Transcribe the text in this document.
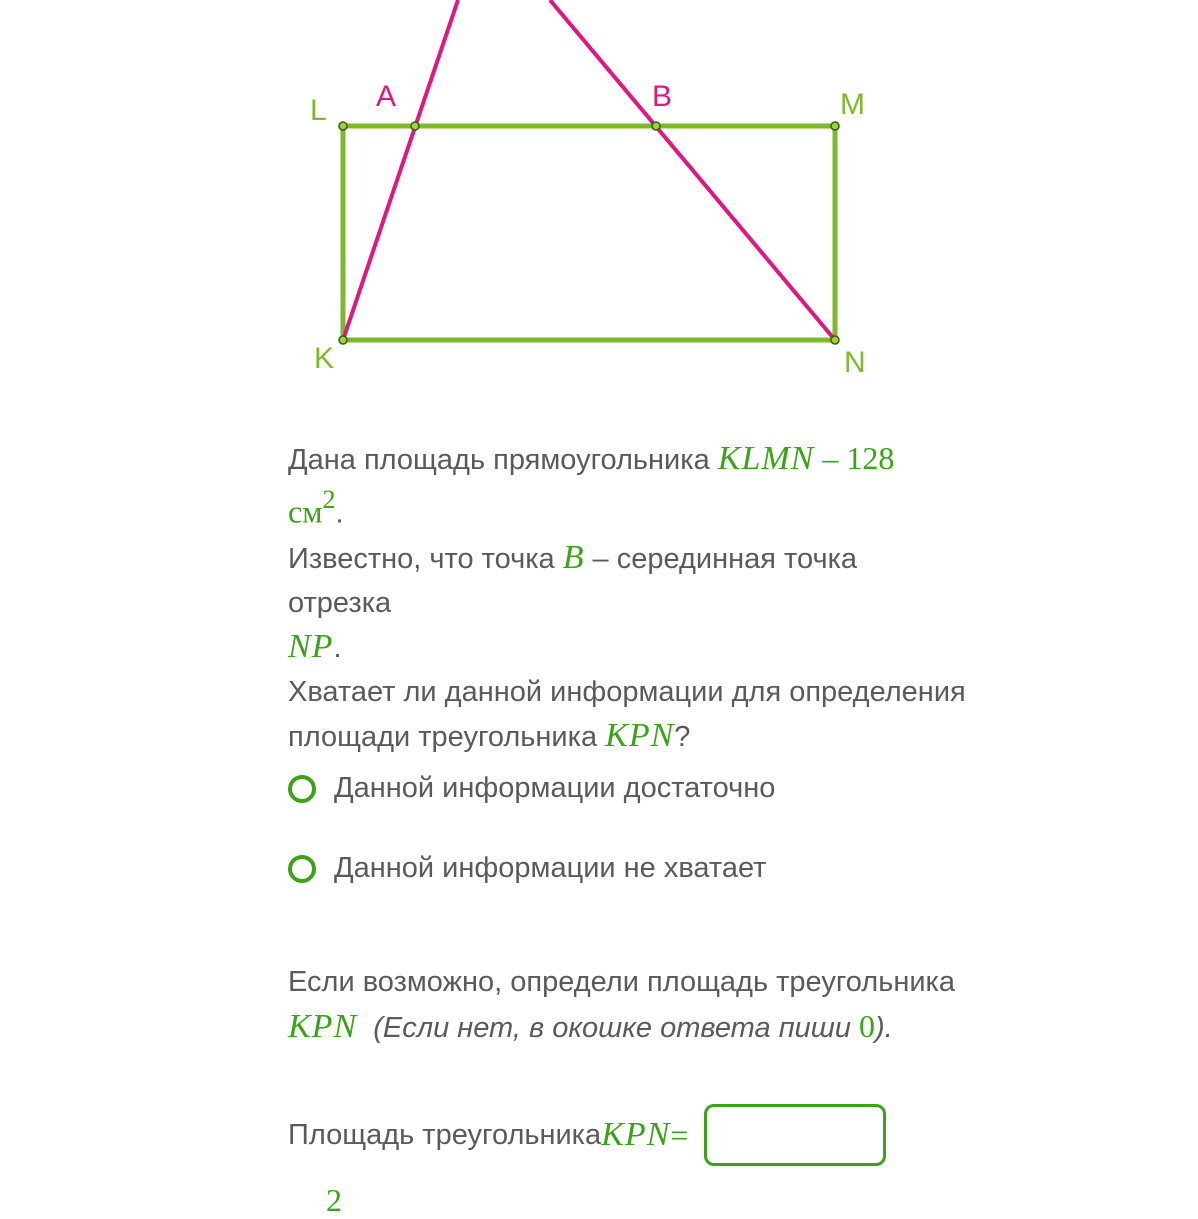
L A	B	M
K	N

Дана площадь прямоугольника KLMN – 128
$см^2$.

Известно, что точка B – серединная точка отрезка
NP.

Хватает ли данной информации для определения площади треугольника KPN?

Данной информации достаточно
Данной информации не хватает

Если возможно, определи площадь треугольника
KPN (Если нет, в окошке ответа пиши 0).

Площадь треугольника KPN =
2
